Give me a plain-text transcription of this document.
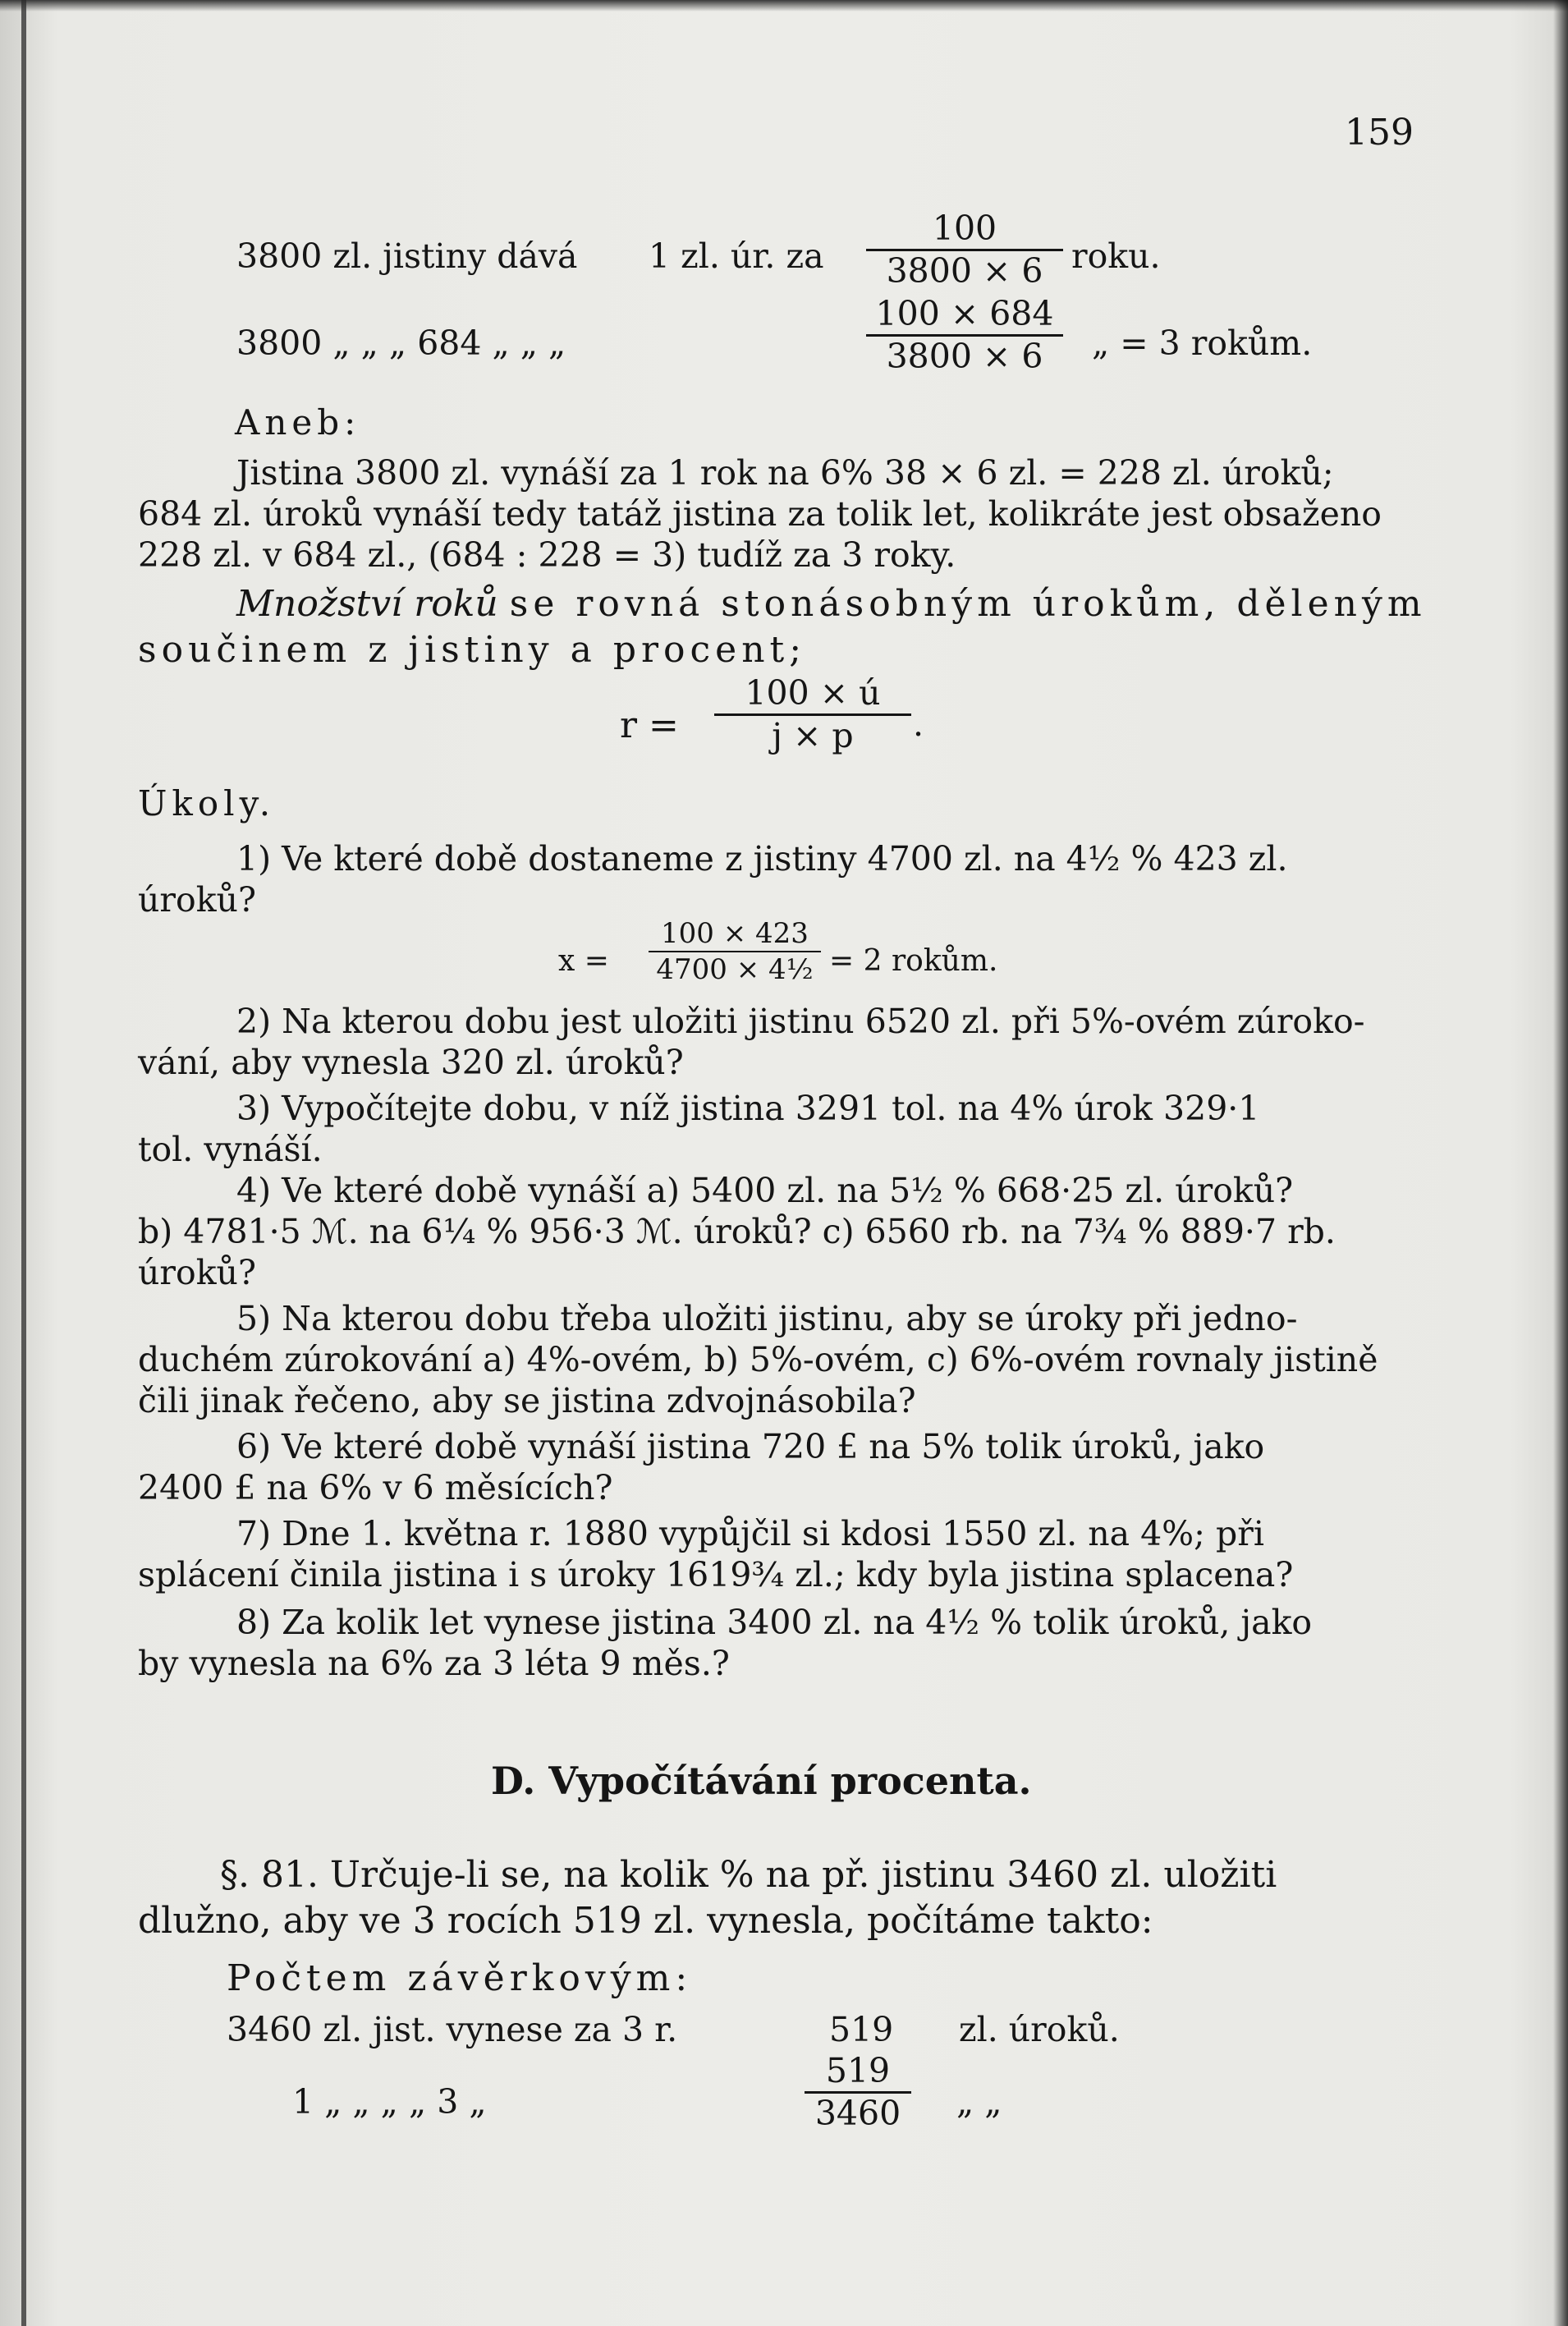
159
3800 zl. jistiny dává 1 zl. úr. za $\frac{100}{3800 \times 6}$ roku.
3800 „ „ „ 684 „ „ „	$\frac{100 \times 684}{3800 \times 6}$ „ = 3 rokům.
Aneb:
Jistina 3800 zl. vynáší za 1 rok na 6% 38 × 6 zl. = 228 zl. úroků;
684 zl. úroků vynáší tedy tatáž jistina za tolik let, kolikráte jest obsaženo
228 zl. v 684 zl., (684 : 228 = 3) tudíž za 3 roky.
Množství roků se rovná stonásobným úrokům, děleným
součinem z jistiny a procent;
$r = \frac{100 \times ú}{j \times p}$ .
Úkoly.
1) Ve které době dostaneme z jistiny 4700 zl. na 4½ % 423 zl.
úroků?
$x = \frac{100 \times 423}{\text{4700 × 4½}} = 2$ rokům.
2) Na kterou dobu jest uložiti jistinu 6520 zl. při 5%-ovém zúroko-
vání, aby vynesla 320 zl. úroků?
3) Vypočítejte dobu, v níž jistina 3291 tol. na 4% úrok 329·1
tol. vynáší.
4) Ve které době vynáší a) 5400 zl. na 5½ % 668·25 zl. úroků?
b) 4781·5 ℳ. na 6¼ % 956·3 ℳ. úroků? c) 6560 rb. na 7¾ % 889·7 rb.
úroků?
5) Na kterou dobu třeba uložiti jistinu, aby se úroky při jedno-
duchém zúrokování a) 4%-ovém, b) 5%-ovém, c) 6%-ovém rovnaly jistině
čili jinak řečeno, aby se jistina zdvojnásobila?
6) Ve které době vynáší jistina 720 £ na 5% tolik úroků, jako
2400 £ na 6% v 6 měsících?
7) Dne 1. května r. 1880 vypůjčil si kdosi 1550 zl. na 4%; při
splácení činila jistina i s úroky 1619¾ zl.; kdy byla jistina splacena?
8) Za kolik let vynese jistina 3400 zl. na 4½ % tolik úroků, jako
by vynesla na 6% za 3 léta 9 měs.?
D. Vypočítávání procenta.
§. 81. Určuje-li se, na kolik % na př. jistinu 3460 zl. uložiti
dlužno, aby ve 3 rocích 519 zl. vynesla, počítáme takto:
Počtem závěrkovým:
3460 zl. jist. vynese za 3 r.	519 zl. úroků.
1 „ „ „ „ 3 „	$\frac{519}{3460}$ „ „
